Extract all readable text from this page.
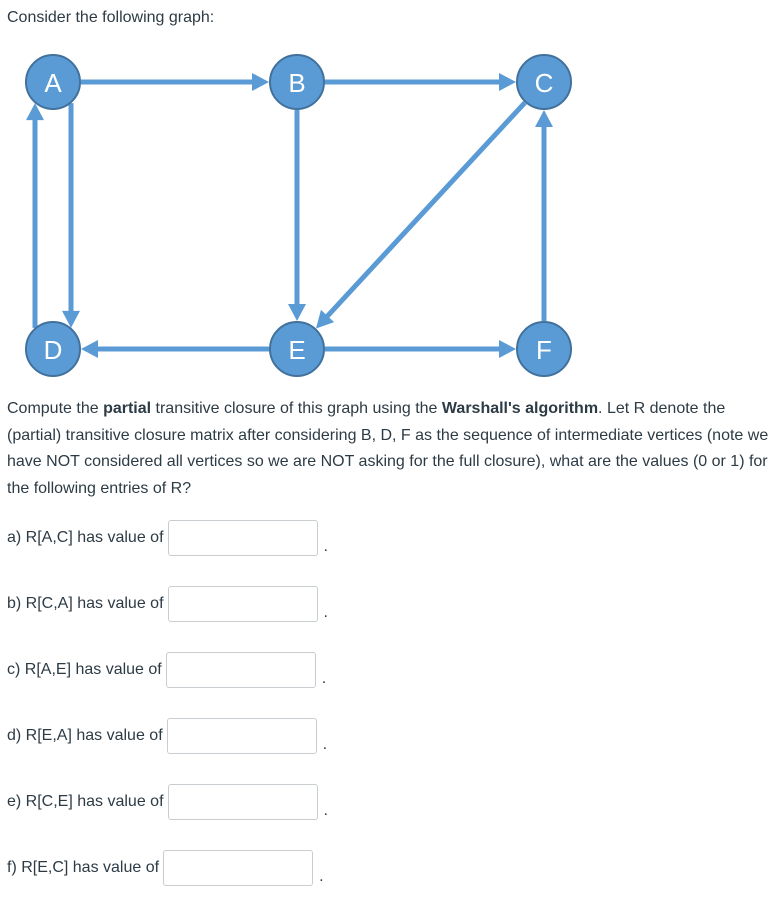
Consider the following graph:

A	B	C
D	E	F

Compute the partial transitive closure of this graph using the Warshall's algorithm. Let R denote the (partial) transitive closure matrix after considering B, D, F as the sequence of intermediate vertices (note we have NOT considered all vertices so we are NOT asking for the full closure), what are the values (0 or 1) for the following entries of R?

a) R[A,C] has value of
.
b) R[C,A] has value of
.
c) R[A,E] has value of
.
d) R[E,A] has value of
.
e) R[C,E] has value of
.
f) R[E,C] has value of
.
